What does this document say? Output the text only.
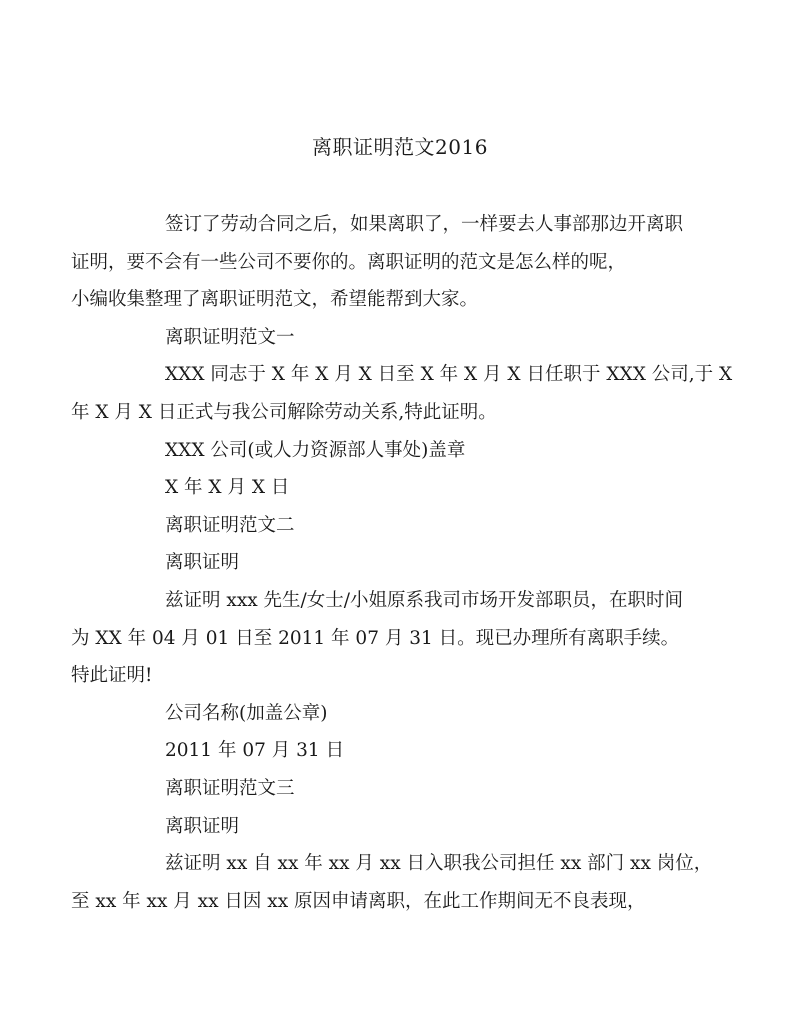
离职证明范文2016

签订了劳动合同之后，如果离职了，一样要去人事部那边开离职
证明，要不会有一些公司不要你的。离职证明的范文是怎么样的呢，
小编收集整理了离职证明范文，希望能帮到大家。

离职证明范文一

XXX 同志于 X 年 X 月 X 日至 X 年 X 月 X 日任职于 XXX 公司,于 X
年 X 月 X 日正式与我公司解除劳动关系,特此证明。

XXX 公司(或人力资源部人事处)盖章

X 年 X 月 X 日

离职证明范文二

离职证明

兹证明 xxx 先生/女士/小姐原系我司市场开发部职员，在职时间
为 XX 年 04 月 01 日至 2011 年 07 月 31 日。现已办理所有离职手续。
特此证明!

公司名称(加盖公章)

2011 年 07 月 31 日

离职证明范文三

离职证明

兹证明 xx 自 xx 年 xx 月 xx 日入职我公司担任 xx 部门 xx 岗位，
至 xx 年 xx 月 xx 日因 xx 原因申请离职，在此工作期间无不良表现，
